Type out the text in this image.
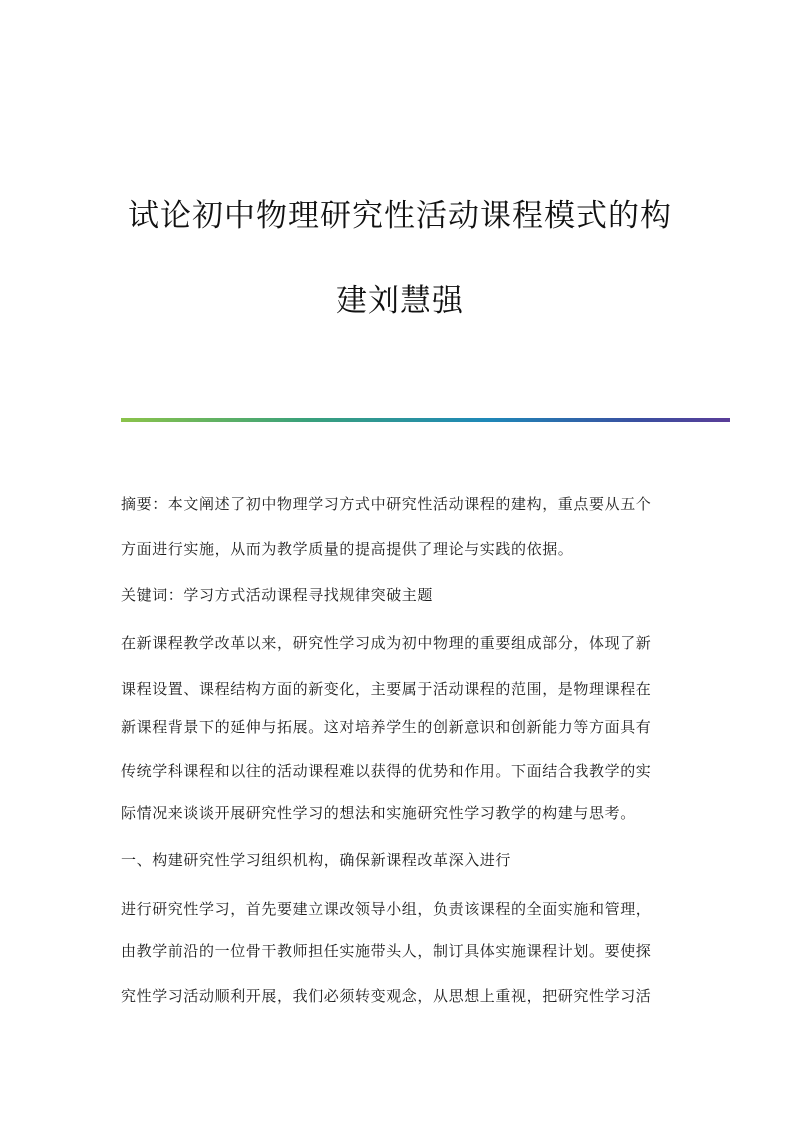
试论初中物理研究性活动课程模式的构
建刘慧强
摘要：本文阐述了初中物理学习方式中研究性活动课程的建构，重点要从五个
方面进行实施，从而为教学质量的提高提供了理论与实践的依据。
关键词：学习方式活动课程寻找规律突破主题
在新课程教学改革以来，研究性学习成为初中物理的重要组成部分，体现了新
课程设置、课程结构方面的新变化，主要属于活动课程的范围，是物理课程在
新课程背景下的延伸与拓展。这对培养学生的创新意识和创新能力等方面具有
传统学科课程和以往的活动课程难以获得的优势和作用。下面结合我教学的实
际情况来谈谈开展研究性学习的想法和实施研究性学习教学的构建与思考。
一、构建研究性学习组织机构，确保新课程改革深入进行
进行研究性学习，首先要建立课改领导小组，负责该课程的全面实施和管理，
由教学前沿的一位骨干教师担任实施带头人，制订具体实施课程计划。要使探
究性学习活动顺利开展，我们必须转变观念，从思想上重视，把研究性学习活
